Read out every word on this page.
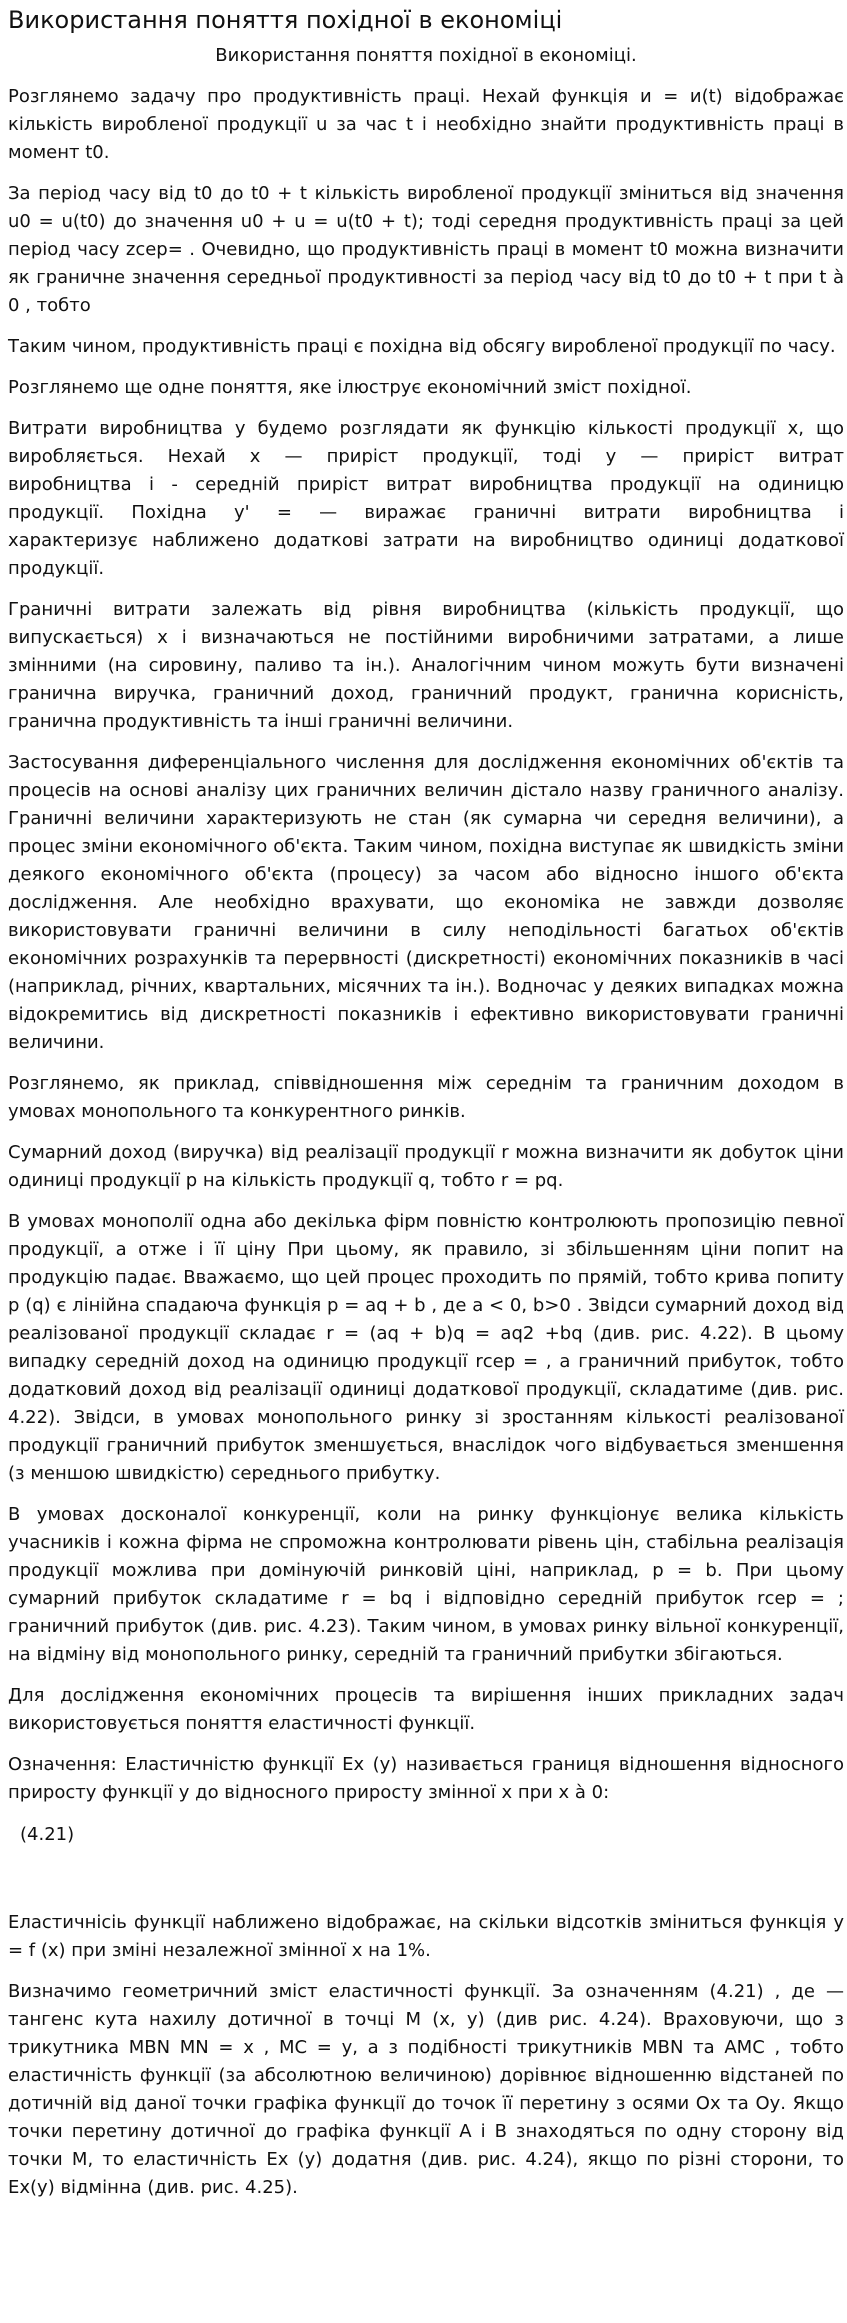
Використання поняття похідної в економіці
Використання поняття похідної в економіці.

Розглянемо задачу про продуктивність праці. Нехай функція и = и(t) відображає кількість виробленої продукції u за час t і необхідно знайти продуктивність праці в момент t0.

За період часу від t0 до t0 + t кількість виробленої продукції зміниться від значення u0 = u(t0) до значення u0 + u = u(t0 + t); тоді середня продуктивність праці за цей період часу zсер= . Очевидно, що продуктивність праці в момент t0 можна визначити як граничне значення середньої продуктивності за період часу від t0 до t0 + t при t à 0 , тобто

Таким чином, продуктивність праці є похідна від обсягу виробленої продукції по часу.

Розглянемо ще одне поняття, яке ілюструє економічний зміст похідної.

Витрати виробництва у будемо розглядати як функцію кількості продукції x, що виробляється. Нехай x — приріст продукції, тоді у — приріст витрат виробництва і - середній приріст витрат виробництва продукції на одиницю продукції. Похідна у' = — виражає граничні витрати виробництва і характеризує наближено додаткові затрати на виробництво одиниці додаткової продукції.

Граничні витрати залежать від рівня виробництва (кількість продукції, що випускається) x і визначаються не постійними виробничими затратами, а лише змінними (на сировину, паливо та ін.). Аналогічним чином можуть бути визначені гранична виручка, граничний доход, граничний продукт, гранична корисність, гранична продуктивність та інші граничні величини.

Застосування диференціального числення для дослідження економічних об'єктів та процесів на основі аналізу цих граничних величин дістало назву граничного аналізу. Граничні величини характеризують не стан (як сумарна чи середня величини), а процес зміни економічного об'єкта. Таким чином, похідна виступає як швидкість зміни деякого економічного об'єкта (процесу) за часом або відносно іншого об'єкта дослідження. Але необхідно врахувати, що економіка не завжди дозволяє використовувати граничні величини в силу неподільності багатьох об'єктів економічних розрахунків та перервності (дискретності) економічних показників в часі (наприклад, річних, квартальних, місячних та ін.). Водночас у деяких випадках можна відокремитись від дискретності показників і ефективно використовувати граничні величини.

Розглянемо, як приклад, співвідношення між середнім та граничним доходом в умовах монопольного та конкурентного ринків.

Сумарний доход (виручка) від реалізації продукції r можна визначити як добуток ціни одиниці продукції p на кількість продукції q, тобто r = pq.

В умовах монополії одна або декілька фірм повністю контролюють пропозицію певної продукції, а отже і її ціну При цьому, як правило, зі збільшенням ціни попит на продукцію падає. Вважаємо, що цей процес проходить по прямій, тобто крива попиту p (q) є лінійна спадаюча функція p = aq + b , де a < 0, b>0 . Звідси сумарний доход від реалізованої продукції складає r = (aq + b)q = aq2 +bq (див. рис. 4.22). В цьому випадку середній доход на одиницю продукції rсер = , а граничний прибуток, тобто додатковий доход від реалізації одиниці додаткової продукції, складатиме (див. рис. 4.22). Звідси, в умовах монопольного ринку зі зростанням кількості реалізованої продукції граничний прибуток зменшується, внаслідок чого відбувається зменшення (з меншою швидкістю) середнього прибутку.

В умовах досконалої конкуренції, коли на ринку функціонує велика кількість учасників і кожна фірма не спроможна контролювати рівень цін, стабільна реалізація продукції можлива при домінуючій ринковій ціні, наприклад, p = b. При цьому сумарний прибуток складатиме r = bq і відповідно середній прибуток rсер = ; граничний прибуток (див. рис. 4.23). Таким чином, в умовах ринку вільної конкуренції, на відміну від монопольного ринку, середній та граничний прибутки збігаються.

Для дослідження економічних процесів та вирішення інших прикладних задач використовується поняття еластичності функції.

Означення: Еластичністю функції Ex (у) називається границя відношення відносного приросту функції у до відносного приросту змінної x при x à 0:

(4.21)

Еластичнісіь функції наближено відображає, на скільки відсотків зміниться функція у = f (x) при зміні незалежної змінної x на 1%.

Визначимо геометричний зміст еластичності функції. За означенням (4.21) , де — тангенс кута нахилу дотичної в точці М (x, у) (див рис. 4.24). Враховуючи, що з трикутника МВN MN = x , МС = у, а з подібності трикутників МВN та АМС , тобто еластичність функції (за абсолютною величиною) дорівнює відношенню відстаней по дотичній від даної точки графіка функції до точок її перетину з осями Ох та Оу. Якщо точки перетину дотичної до графіка функції А і В знаходяться по одну сторону від точки М, то еластичність Ex (у) додатня (див. рис. 4.24), якщо по різні сторони, то Ex(у) відмінна (див. рис. 4.25).
